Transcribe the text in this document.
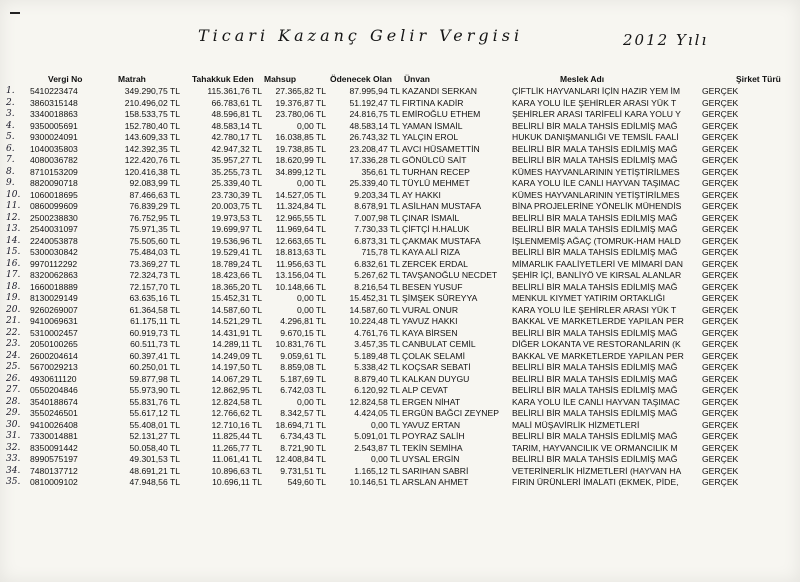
Ticari Kazanç Gelir Vergisi	2012 Yılı
Vergi No	Matrah	Tahakkuk Eden Mahsup	Ödenecek Olan Ünvan	Meslek Adı	Şirket Türü
1.	5410223474	349.290,75 TL	115.361,76 TL	27.365,82 TL	87.995,94 TL KAZANDI SERKAN	ÇİFTLİK HAYVANLARI İÇİN HAZIR YEM İM	GERÇEK
2.	3860315148	210.496,02 TL	66.783,61 TL	19.376,87 TL	51.192,47 TL FIRTINA KADİR	KARA YOLU İLE ŞEHİRLER ARASI YÜK T	GERÇEK
3.	3340018863	158.533,75 TL	48.596,81 TL	23.780,06 TL	24.816,75 TL EMİROĞLU ETHEM	ŞEHİRLER ARASI TARİFELİ KARA YOLU Y	GERÇEK
4.	9350005691	152.780,40 TL	48.583,14 TL	0,00 TL	48.583,14 TL YAMAN İSMAİL	BELİRLİ BİR MALA TAHSİS EDİLMİŞ MAĞ	GERÇEK
5.	9300024091	143.609,33 TL	42.780,17 TL	16.038,85 TL	26.743,32 TL YALÇIN EROL	HUKUK DANIŞMANLIĞI VE TEMSİL FAALİ	GERÇEK
6.	1040035803	142.392,35 TL	42.947,32 TL	19.738,85 TL	23.208,47 TL AVCI HÜSAMETTİN	BELİRLİ BİR MALA TAHSİS EDİLMİŞ MAĞ	GERÇEK
7.	4080036782	122.420,76 TL	35.957,27 TL	18.620,99 TL	17.336,28 TL GÖNÜLCÜ SAİT	BELİRLİ BİR MALA TAHSİS EDİLMİŞ MAĞ	GERÇEK
8.	8710153209	120.416,38 TL	35.255,73 TL	34.899,12 TL	356,61 TL TURHAN RECEP	KÜMES HAYVANLARININ YETİŞTİRİLMES	GERÇEK
9.	8820090718	92.083,99 TL	25.339,40 TL	0,00 TL	25.339,40 TL TÜYLÜ MEHMET	KARA YOLU İLE CANLI HAYVAN TAŞIMAC	GERÇEK
10.	1060018695	87.466,63 TL	23.730,39 TL	14.527,05 TL	9.203,34 TL AY HAKKI	KÜMES HAYVANLARININ YETİŞTİRİLMES	GERÇEK
11.	0860099609	76.839,29 TL	20.003,75 TL	11.324,84 TL	8.678,91 TL ASİLHAN MUSTAFA	BİNA PROJELERİNE YÖNELİK MÜHENDİS	GERÇEK
12.	2500238830	76.752,95 TL	19.973,53 TL	12.965,55 TL	7.007,98 TL ÇINAR İSMAİL	BELİRLİ BİR MALA TAHSİS EDİLMİŞ MAĞ	GERÇEK
13.	2540031097	75.971,35 TL	19.699,97 TL	11.969,64 TL	7.730,33 TL ÇİFTÇİ H.HALUK	BELİRLİ BİR MALA TAHSİS EDİLMİŞ MAĞ	GERÇEK
14.	2240053878	75.505,60 TL	19.536,96 TL	12.663,65 TL	6.873,31 TL ÇAKMAK MUSTAFA	İŞLENMEMİŞ AĞAÇ (TOMRUK-HAM HALD	GERÇEK
15.	5300030842	75.484,03 TL	19.529,41 TL	18.813,63 TL	715,78 TL KAYA ALİ RIZA	BELİRLİ BİR MALA TAHSİS EDİLMİŞ MAĞ	GERÇEK
16.	9970112292	73.369,27 TL	18.789,24 TL	11.956,63 TL	6.832,61 TL ZERCEK ERDAL	MİMARLIK FAALİYETLERİ VE MİMARİ DAN	GERÇEK
17.	8320062863	72.324,73 TL	18.423,66 TL	13.156,04 TL	5.267,62 TL TAVŞANOĞLU NECDET	ŞEHİR İÇİ, BANLİYÖ VE KIRSAL ALANLAR	GERÇEK
18.	1660018889	72.157,70 TL	18.365,20 TL	10.148,66 TL	8.216,54 TL BESEN YUSUF	BELİRLİ BİR MALA TAHSİS EDİLMİŞ MAĞ	GERÇEK
19.	8130029149	63.635,16 TL	15.452,31 TL	0,00 TL	15.452,31 TL ŞİMŞEK SÜREYYA	MENKUL KIYMET YATIRIM ORTAKLIĞI	GERÇEK
20.	9260269007	61.364,58 TL	14.587,60 TL	0,00 TL	14.587,60 TL VURAL ONUR	KARA YOLU İLE ŞEHİRLER ARASI YÜK T	GERÇEK
21.	9410069631	61.175,11 TL	14.521,29 TL	4.296,81 TL	10.224,48 TL YAVUZ HAKKI	BAKKAL VE MARKETLERDE YAPILAN PER	GERÇEK
22.	5310002457	60.919,73 TL	14.431,91 TL	9.670,15 TL	4.761,76 TL KAYA BİRSEN	BELİRLİ BİR MALA TAHSİS EDİLMİŞ MAĞ	GERÇEK
23.	2050100265	60.511,73 TL	14.289,11 TL	10.831,76 TL	3.457,35 TL CANBULAT CEMİL	DİĞER LOKANTA VE RESTORANLARIN (K	GERÇEK
24.	2600204614	60.397,41 TL	14.249,09 TL	9.059,61 TL	5.189,48 TL ÇOLAK SELAMİ	BAKKAL VE MARKETLERDE YAPILAN PER	GERÇEK
25.	5670029213	60.250,01 TL	14.197,50 TL	8.859,08 TL	5.338,42 TL KOÇSAR SEBATİ	BELİRLİ BİR MALA TAHSİS EDİLMİŞ MAĞ	GERÇEK
26.	4930611120	59.877,98 TL	14.067,29 TL	5.187,69 TL	8.879,40 TL KALKAN DUYGU	BELİRLİ BİR MALA TAHSİS EDİLMİŞ MAĞ	GERÇEK
27.	0550204846	55.973,90 TL	12.862,95 TL	6.742,03 TL	6.120,92 TL ALP CEVAT	BELİRLİ BİR MALA TAHSİS EDİLMİŞ MAĞ	GERÇEK
28.	3540188674	55.831,76 TL	12.824,58 TL	0,00 TL	12.824,58 TL ERGEN NİHAT	KARA YOLU İLE CANLI HAYVAN TAŞIMAC	GERÇEK
29.	3550246501	55.617,12 TL	12.766,62 TL	8.342,57 TL	4.424,05 TL ERGÜN BAĞCI ZEYNEP	BELİRLİ BİR MALA TAHSİS EDİLMİŞ MAĞ	GERÇEK
30.	9410026408	55.408,01 TL	12.710,16 TL	18.694,71 TL	0,00 TL YAVUZ ERTAN	MALİ MÜŞAVİRLİK HİZMETLERİ	GERÇEK
31.	7330014881	52.131,27 TL	11.825,44 TL	6.734,43 TL	5.091,01 TL POYRAZ SALİH	BELİRLİ BİR MALA TAHSİS EDİLMİŞ MAĞ	GERÇEK
32.	8350091442	50.058,40 TL	11.265,77 TL	8.721,90 TL	2.543,87 TL TEKİN SEMİHA	TARIM, HAYVANCILIK VE ORMANCILIK M	GERÇEK
33.	8990575197	49.301,53 TL	11.061,41 TL	12.408,84 TL	0,00 TL UYSAL ERGİN	BELİRLİ BİR MALA TAHSİS EDİLMİŞ MAĞ	GERÇEK
34.	7480137712	48.691,21 TL	10.896,63 TL	9.731,51 TL	1.165,12 TL SARIHAN SABRİ	VETERİNERLİK HİZMETLERİ (HAYVAN HA	GERÇEK
35.	0810009102	47.948,56 TL	10.696,11 TL	549,60 TL	10.146,51 TL ARSLAN AHMET	FIRIN ÜRÜNLERİ İMALATI (EKMEK, PİDE,	GERÇEK
